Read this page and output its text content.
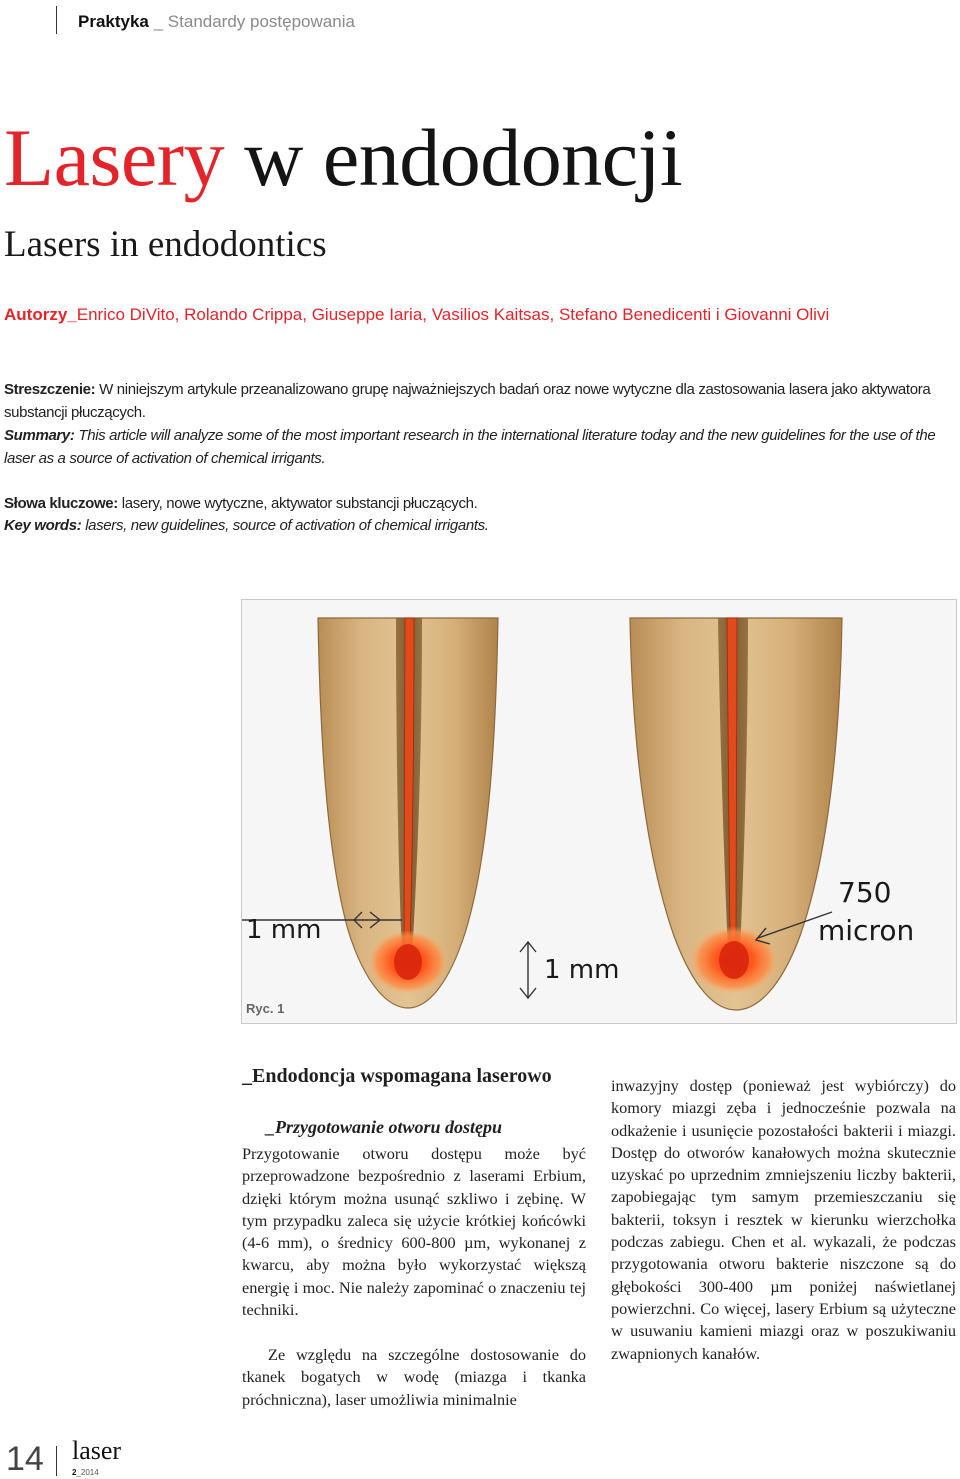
Praktyka _ Standardy postępowania
Lasery w endodoncji
Lasers in endodontics
Autorzy_Enrico DiVito, Rolando Crippa, Giuseppe Iaria, Vasilios Kaitsas, Stefano Benedicenti i Giovanni Olivi
Streszczenie: W niniejszym artykule przeanalizowano grupę najważniejszych badań oraz nowe wytyczne dla zastosowania lasera jako aktywatora substancji płuczących.
Summary: This article will analyze some of the most important research in the international literature today and the new guidelines for the use of the laser as a source of activation of chemical irrigants.
Słowa kluczowe: lasery, nowe wytyczne, aktywator substancji płuczących.
Key words: lasers, new guidelines, source of activation of chemical irrigants.
1 mm
1 mm
750
micron
Ryc. 1
_Endodoncja wspomagana laserowo
_Przygotowanie otworu dostępu
Przygotowanie otworu dostępu może być przeprowadzone bezpośrednio z laserami Erbium, dzięki którym można usunąć szkliwo i zębinę. W tym przypadku zaleca się użycie krótkiej końcówki (4-6 mm), o średnicy 600-800 µm, wykonanej z kwarcu, aby można było wykorzystać większą energię i moc. Nie należy zapominać o znaczeniu tej techniki.
Ze względu na szczególne dostosowanie do tkanek bogatych w wodę (miazga i tkanka próchniczna), laser umożliwia minimalnie
inwazyjny dostęp (ponieważ jest wybiórczy) do komory miazgi zęba i jednocześnie pozwala na odkażenie i usunięcie pozostałości bakterii i miazgi. Dostęp do otworów kanałowych można skutecznie uzyskać po uprzednim zmniejszeniu liczby bakterii, zapobiegając tym samym przemieszczaniu się bakterii, toksyn i resztek w kierunku wierzchołka podczas zabiegu. Chen et al. wykazali, że podczas przygotowania otworu bakterie niszczone są do głębokości 300-400 µm poniżej naświetlanej powierzchni. Co więcej, lasery Erbium są użyteczne w usuwaniu kamieni miazgi oraz w poszukiwaniu zwapnionych kanałów.
14 laser
2_2014
